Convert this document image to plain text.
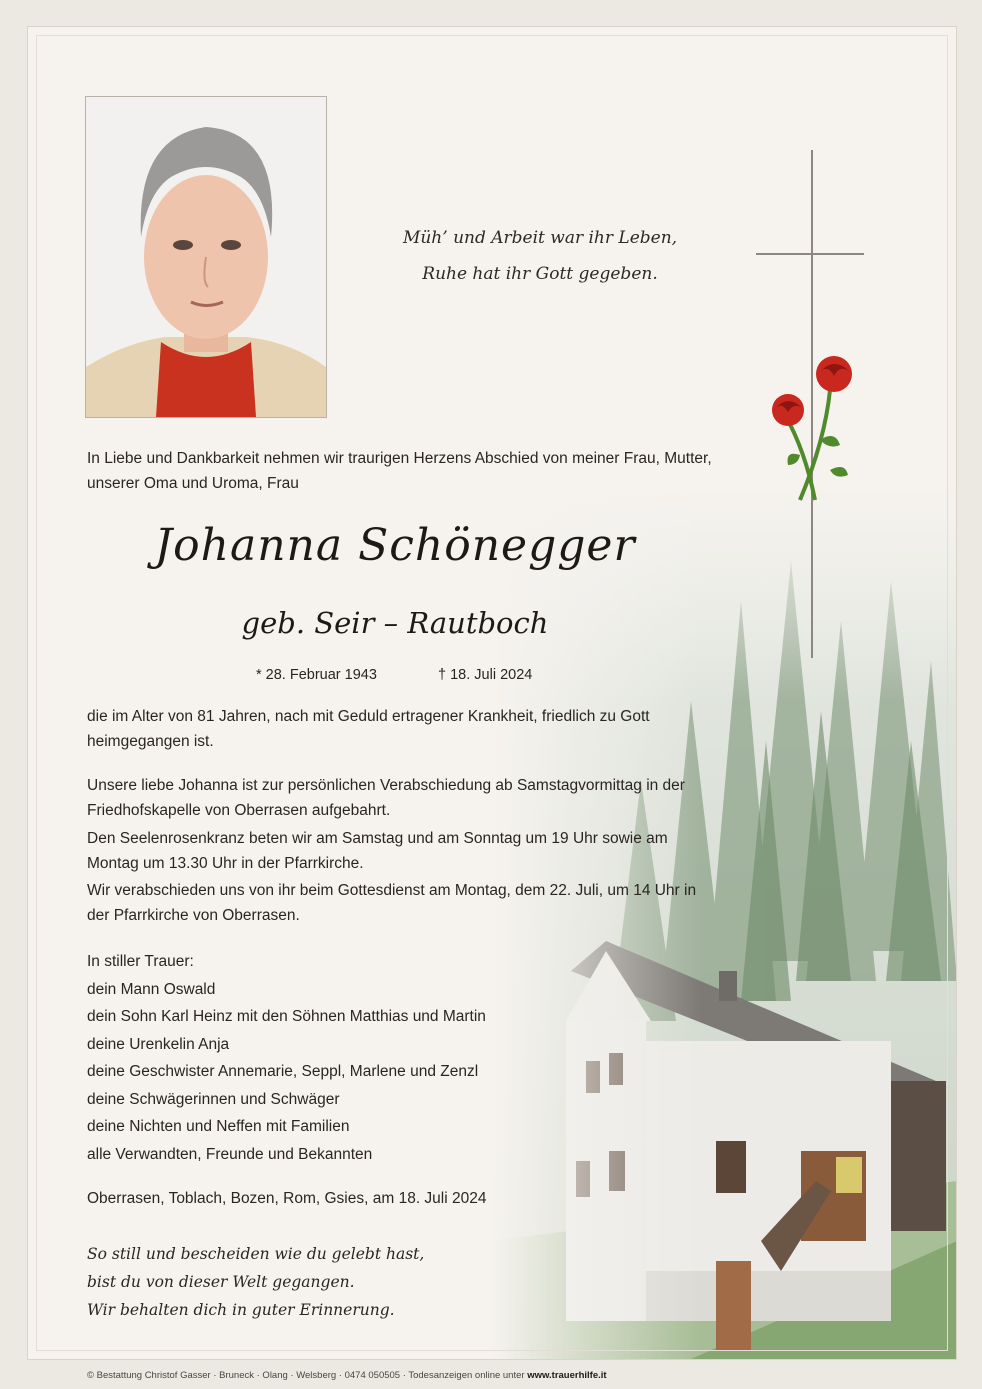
Müh’ und Arbeit war ihr Leben,
Ruhe hat ihr Gott gegeben.

In Liebe und Dankbarkeit nehmen wir traurigen Herzens Abschied von meiner Frau, Mutter, unserer Oma und Uroma, Frau

Johanna Schönegger
geb. Seir – Rautboch
* 28. Februar 1943	† 18. Juli 2024

die im Alter von 81 Jahren, nach mit Geduld ertragener Krankheit, friedlich zu Gott heimgegangen ist.

Unsere liebe Johanna ist zur persönlichen Verabschiedung ab Samstagvormittag in der Friedhofskapelle von Oberrasen aufgebahrt.

Den Seelenrosenkranz beten wir am Samstag und am Sonntag um 19 Uhr sowie am Montag um 13.30 Uhr in der Pfarrkirche.

Wir verabschieden uns von ihr beim Gottesdienst am Montag, dem 22. Juli, um 14 Uhr in der Pfarrkirche von Oberrasen.

In stiller Trauer:
dein Mann Oswald
dein Sohn Karl Heinz mit den Söhnen Matthias und Martin
deine Urenkelin Anja
deine Geschwister Annemarie, Seppl, Marlene und Zenzl
deine Schwägerinnen und Schwäger
deine Nichten und Neffen mit Familien
alle Verwandten, Freunde und Bekannten

Oberrasen, Toblach, Bozen, Rom, Gsies, am 18. Juli 2024

So still und bescheiden wie du gelebt hast,
bist du von dieser Welt gegangen.
Wir behalten dich in guter Erinnerung.
© Bestattung Christof Gasser · Bruneck · Olang · Welsberg · 0474 050505 · Todesanzeigen online unter www.trauerhilfe.it
